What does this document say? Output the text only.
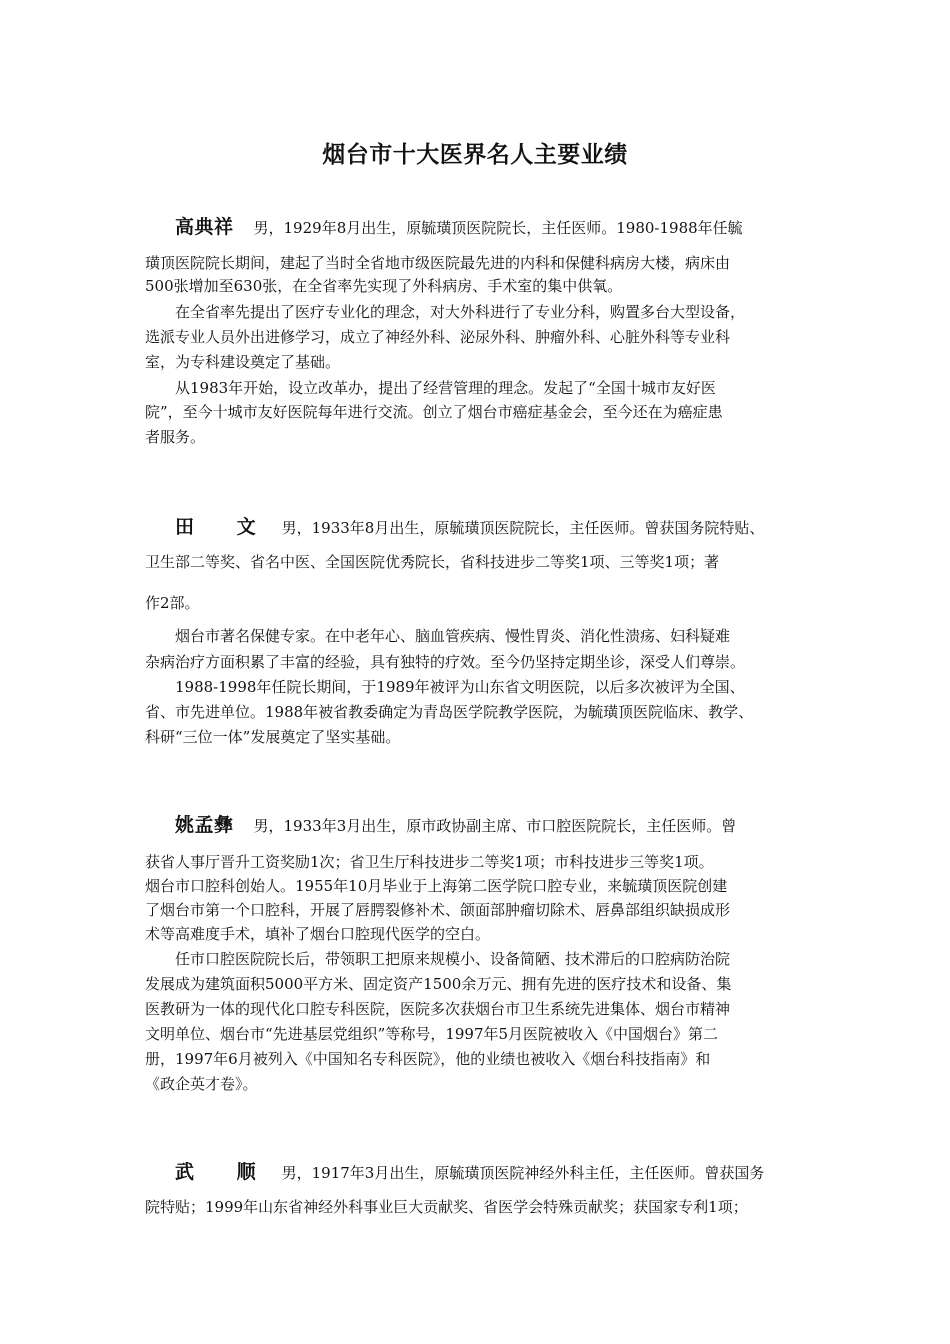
烟台市十大医界名人主要业绩
高典祥 男，1929年8月出生，原毓璜顶医院院长，主任医师。1980-1988年任毓
璜顶医院院长期间，建起了当时全省地市级医院最先进的内科和保健科病房大楼，病床由
500张增加至630张，在全省率先实现了外科病房、手术室的集中供氧。
在全省率先提出了医疗专业化的理念，对大外科进行了专业分科，购置多台大型设备，
选派专业人员外出进修学习，成立了神经外科、泌尿外科、肿瘤外科、心脏外科等专业科
室，为专科建设奠定了基础。
从1983年开始，设立改革办，提出了经营管理的理念。发起了“全国十城市友好医
院”，至今十城市友好医院每年进行交流。创立了烟台市癌症基金会，至今还在为癌症患
者服务。
田 文 男，1933年8月出生，原毓璜顶医院院长，主任医师。曾获国务院特贴、
卫生部二等奖、省名中医、全国医院优秀院长，省科技进步二等奖1项、三等奖1项；著
作2部。
烟台市著名保健专家。在中老年心、脑血管疾病、慢性胃炎、消化性溃疡、妇科疑难
杂病治疗方面积累了丰富的经验，具有独特的疗效。至今仍坚持定期坐诊，深受人们尊崇。
1988-1998年任院长期间，于1989年被评为山东省文明医院，以后多次被评为全国、
省、市先进单位。1988年被省教委确定为青岛医学院教学医院，为毓璜顶医院临床、教学、
科研“三位一体”发展奠定了坚实基础。
姚孟彝 男，1933年3月出生，原市政协副主席、市口腔医院院长，主任医师。曾
获省人事厅晋升工资奖励1次；省卫生厅科技进步二等奖1项；市科技进步三等奖1项。
烟台市口腔科创始人。1955年10月毕业于上海第二医学院口腔专业，来毓璜顶医院创建
了烟台市第一个口腔科，开展了唇腭裂修补术、颌面部肿瘤切除术、唇鼻部组织缺损成形
术等高难度手术，填补了烟台口腔现代医学的空白。
任市口腔医院院长后，带领职工把原来规模小、设备简陋、技术滞后的口腔病防治院
发展成为建筑面积5000平方米、固定资产1500余万元、拥有先进的医疗技术和设备、集
医教研为一体的现代化口腔专科医院，医院多次获烟台市卫生系统先进集体、烟台市精神
文明单位、烟台市“先进基层党组织”等称号，1997年5月医院被收入《中国烟台》第二
册，1997年6月被列入《中国知名专科医院》，他的业绩也被收入《烟台科技指南》和
《政企英才卷》。
武 顺 男，1917年3月出生，原毓璜顶医院神经外科主任，主任医师。曾获国务
院特贴；1999年山东省神经外科事业巨大贡献奖、省医学会特殊贡献奖；获国家专利1项；
